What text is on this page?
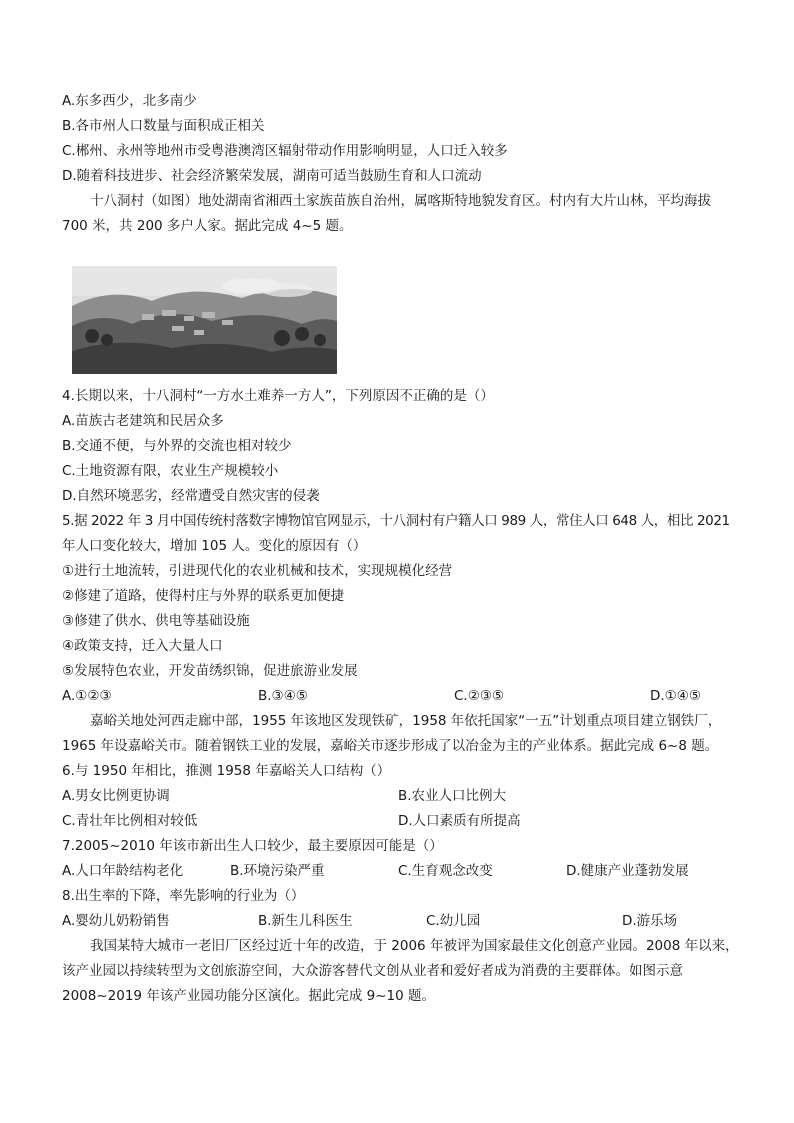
A.东多西少，北多南少
B.各市州人口数量与面积成正相关
C.郴州、永州等地州市受粤港澳湾区辐射带动作用影响明显，人口迁入较多
D.随着科技进步、社会经济繁荣发展，湖南可适当鼓励生育和人口流动
十八洞村（如图）地处湖南省湘西土家族苗族自治州，属喀斯特地貌发育区。村内有大片山林，平均海拔
700 米，共 200 多户人家。据此完成 4~5 题。
4.长期以来，十八洞村“一方水土难养一方人”，下列原因不正确的是（）
A.苗族古老建筑和民居众多
B.交通不便，与外界的交流也相对较少
C.土地资源有限，农业生产规模较小
D.自然环境恶劣，经常遭受自然灾害的侵袭
5.据 2022 年 3 月中国传统村落数字博物馆官网显示，十八洞村有户籍人口 989 人，常住人口 648 人，相比 2021
年人口变化较大，增加 105 人。变化的原因有（）
①进行土地流转，引进现代化的农业机械和技术，实现规模化经营
②修建了道路，使得村庄与外界的联系更加便捷
③修建了供水、供电等基础设施
④政策支持，迁入大量人口
⑤发展特色农业，开发苗绣织锦，促进旅游业发展
A.①②③	B.③④⑤	C.②③⑤	D.①④⑤
嘉峪关地处河西走廊中部，1955 年该地区发现铁矿，1958 年依托国家“一五”计划重点项目建立钢铁厂，
1965 年设嘉峪关市。随着钢铁工业的发展，嘉峪关市逐步形成了以冶金为主的产业体系。据此完成 6~8 题。
6.与 1950 年相比，推测 1958 年嘉峪关人口结构（）
A.男女比例更协调	B.农业人口比例大
C.青壮年比例相对较低	D.人口素质有所提高
7.2005~2010 年该市新出生人口较少，最主要原因可能是（）
A.人口年龄结构老化	B.环境污染严重	C.生育观念改变	D.健康产业蓬勃发展
8.出生率的下降，率先影响的行业为（）
A.婴幼儿奶粉销售	B.新生儿科医生	C.幼儿园	D.游乐场
我国某特大城市一老旧厂区经过近十年的改造，于 2006 年被评为国家最佳文化创意产业园。2008 年以来，
该产业园以持续转型为文创旅游空间，大众游客替代文创从业者和爱好者成为消费的主要群体。如图示意
2008~2019 年该产业园功能分区演化。据此完成 9~10 题。
